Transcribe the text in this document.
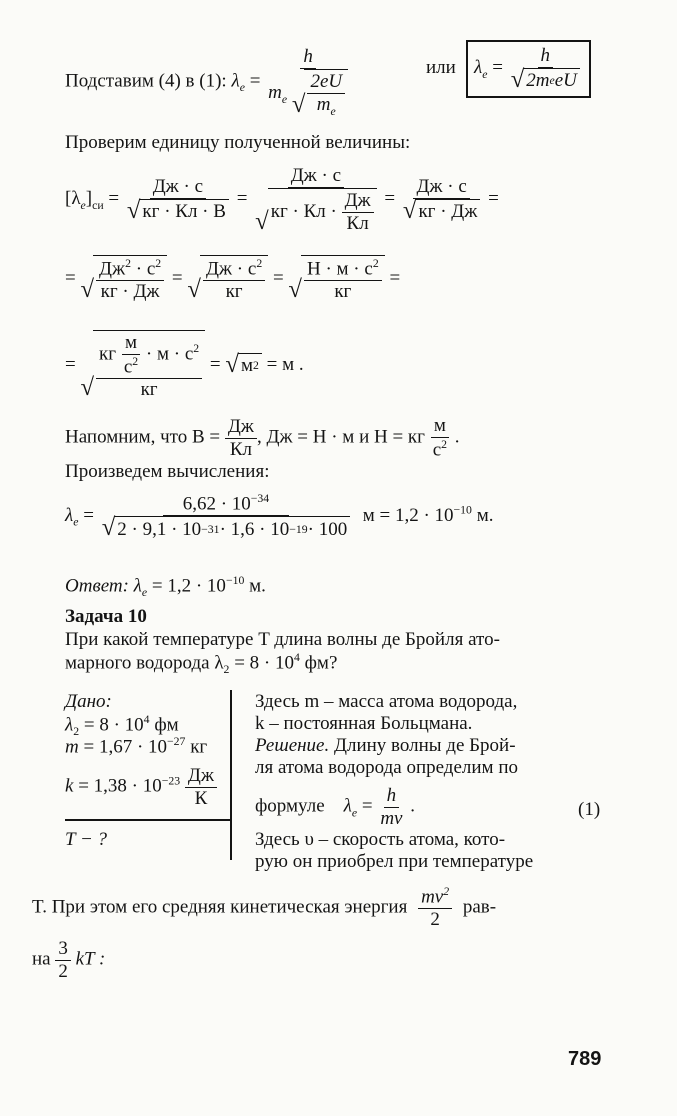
Подставим (4) в (1): $\lambda_e = \frac{h}{m_e √ \frac{2eU}{m_e}}$	или $\lambda_e = \frac{h}{\text{√ 2m e eU}}$
Проверим единицу полученной величины:
$[\lambda_e]_{си} = \frac{Дж \cdot с}{√ кг \cdot Кл \cdot В}$ = Дж · с
√ кг · Кл ·
$\frac{Дж}{Кл} = \frac{Дж \cdot с}{√ кг \cdot Дж}$ =
= √ $\frac{Дж^2 \cdot с^2}{кг \cdot Дж}$ = √ $\frac{Дж \cdot с^2}{кг}$ = √ $\frac{Н \cdot м \cdot с^2}{кг}$ =
=
√ $\frac{кг \frac{м}{с^2} \cdot м \cdot с^2}{кг}$ = √ м 2 = м .
Напомним, что $В = \frac{Дж}{Кл}$ , Дж = Н · м и Н = кг $\frac{м}{с^2}$ .
Произведем вычисления:
$\lambda_e = \frac{6,62 \cdot 10^{-34}}{√ 2 \cdot 9,1 \cdot 10 -31 \cdot 1,6 \cdot 10 -19 \cdot 100}$ $м = 1,2 \cdot 10^{-10}$ м.
Ответ: $\lambda_e = 1,2 \cdot 10^{-10}$ м.
Задача 10
При какой температуре T длина волны де Бройля ато-
марного водорода $\lambda_2 = 8 \cdot 10^4$ фм?
Дано:
$\lambda_2 = 8 \cdot 10^4$ фм
$m = 1,67 \cdot 10^{-27}$ кг
$k = 1,38 \cdot 10^{-23} \frac{Дж}{К}$
T − ?
Здесь m – масса атома водорода,
k – постоянная Больцмана.
Решение. Длину волны де Брой-
ля атома водорода определим по
формуле $\lambda_e = \frac{h}{mv}$ .	(1)
Здесь υ – скорость атома, кото-
рую он приобрел при температуре
T. При этом его средняя кинетическая энергия $\frac{mv^2}{2} рав-$
на $\frac{3}{2}$ kT :
789
